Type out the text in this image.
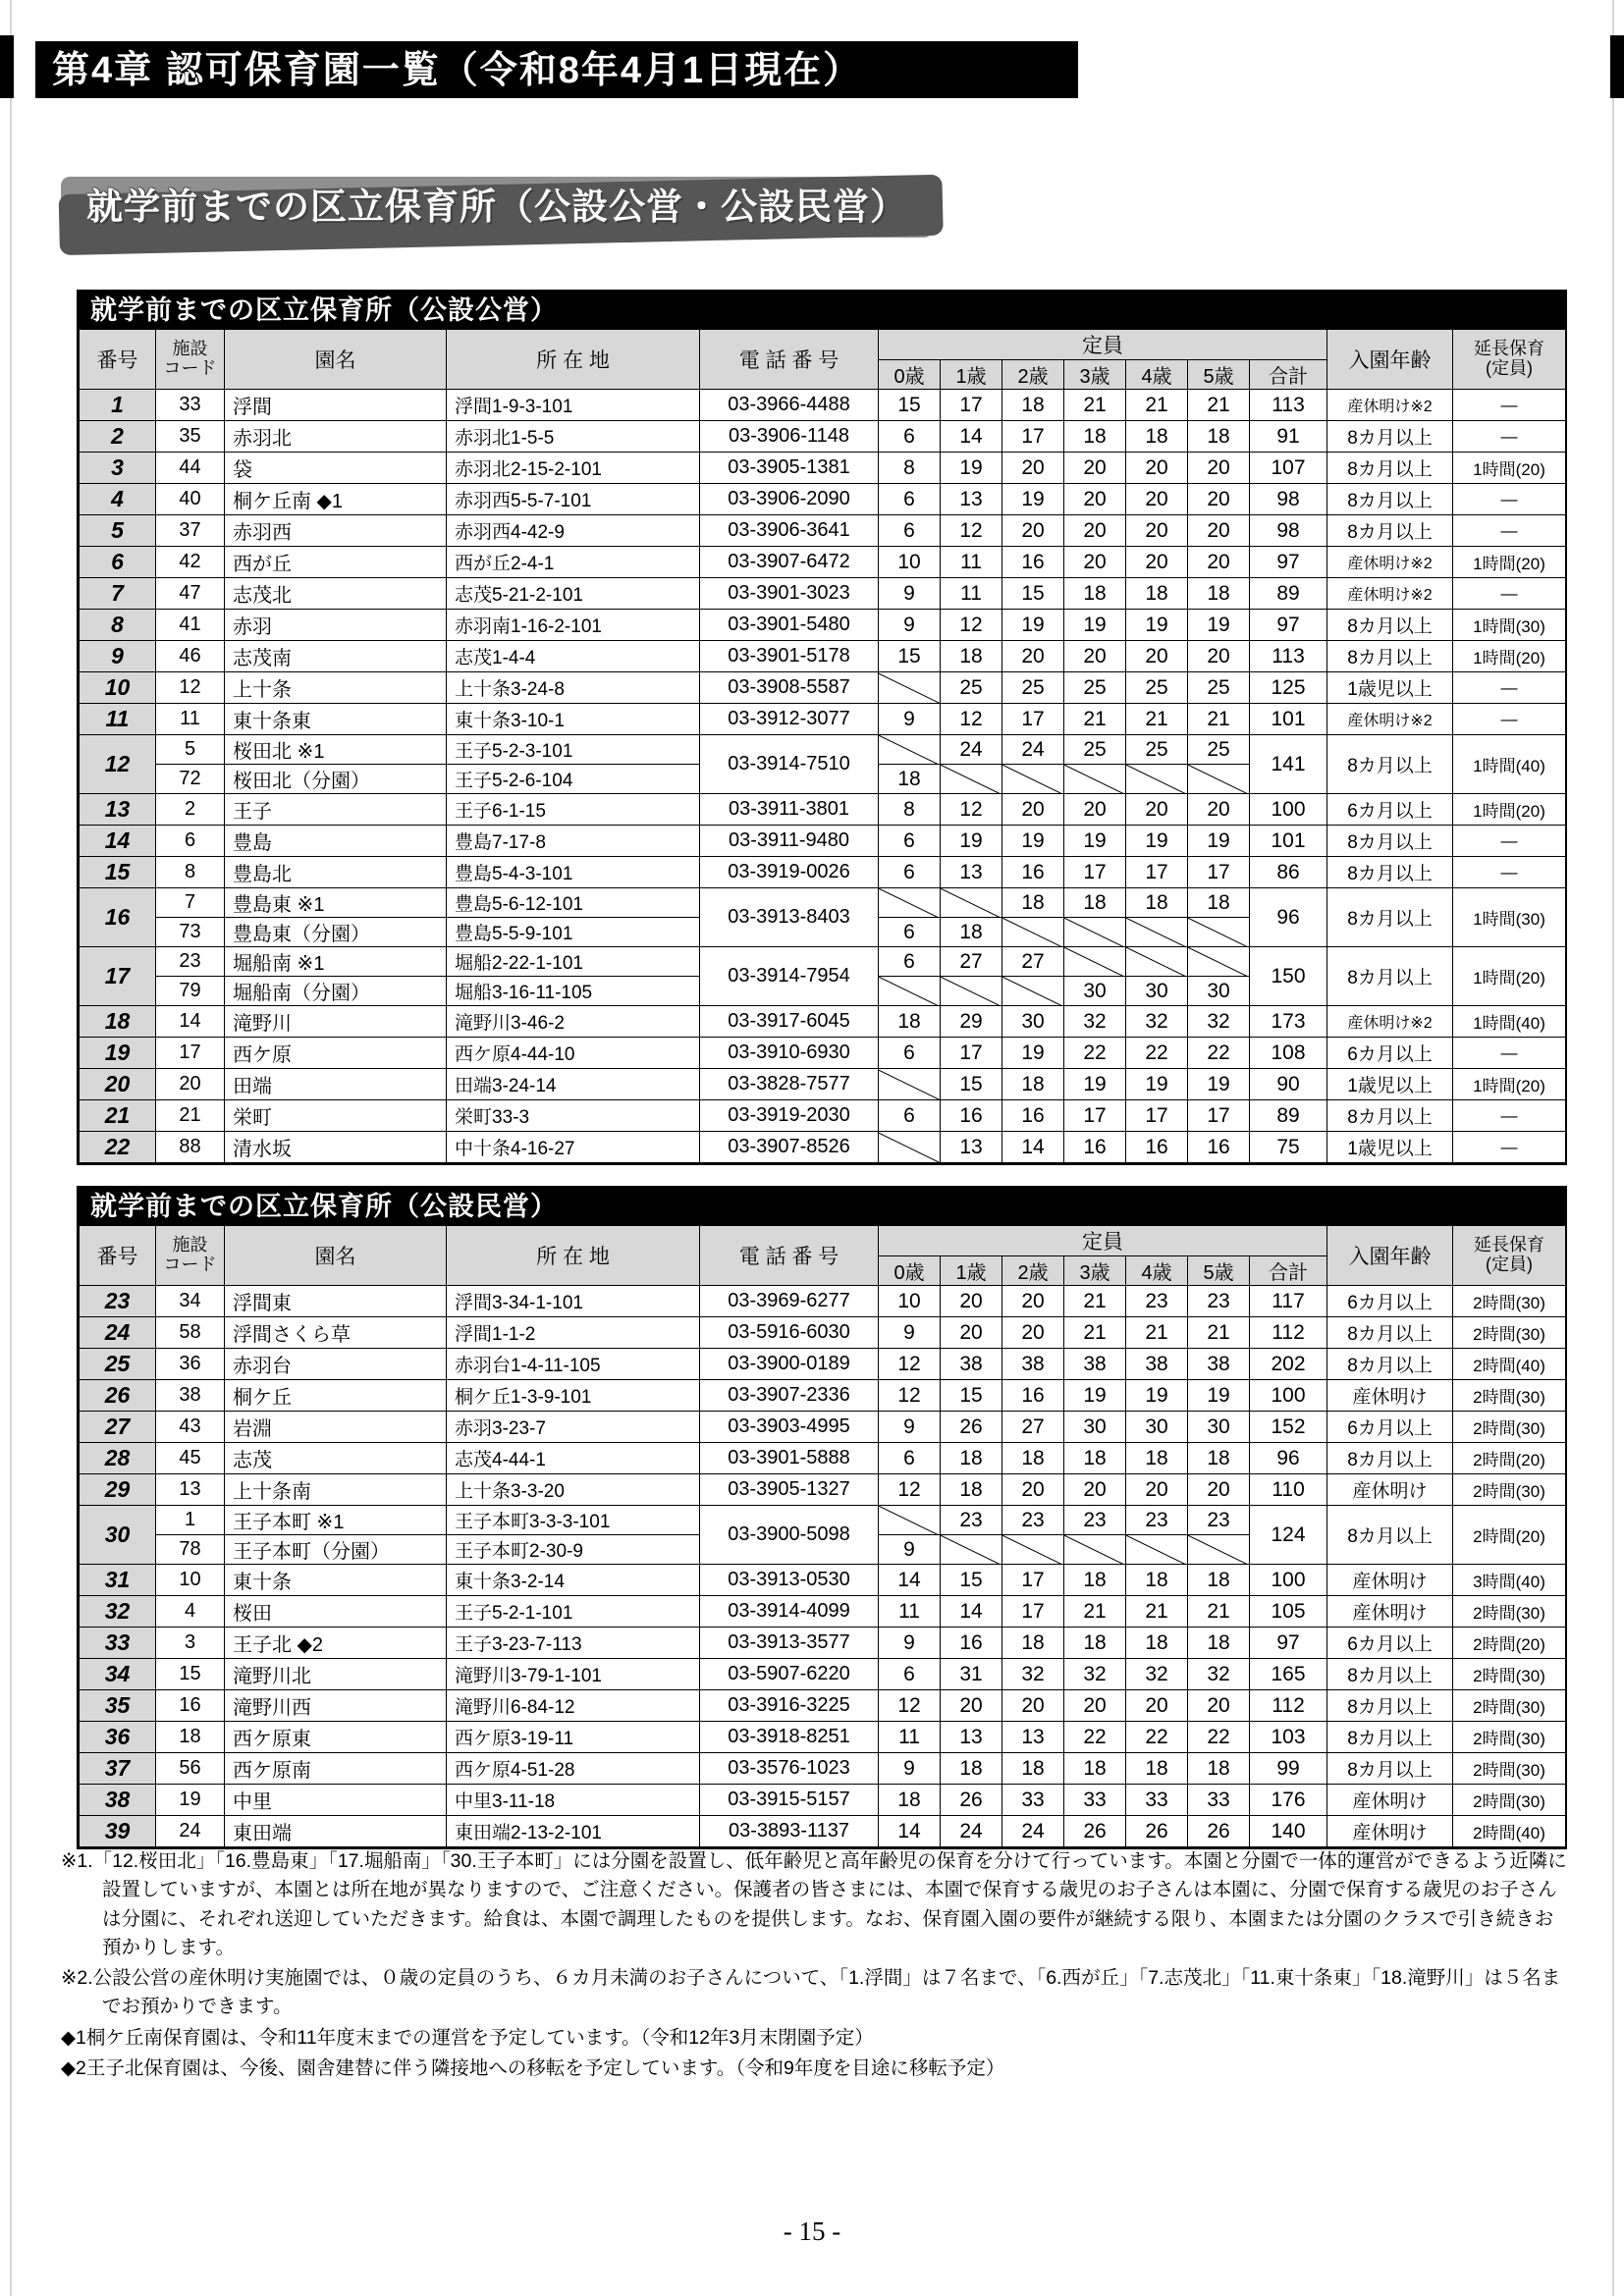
第4章 認可保育園一覧（令和8年4月1日現在）
就学前までの区立保育所（公設公営・公設民営）
就学前までの区立保育所（公設公営）
番号	施設
コード	園名	所 在 地	電 話 番 号	定員							入園年齢	延長保育
(定員)

					0歳	1歳	2歳	3歳	4歳	5歳	合計		
1	33	浮間	浮間1-9-3-101	03-3966-4488	15	17	18	21	21	21	113	産休明け※2	—
2	35	赤羽北	赤羽北1-5-5	03-3906-1148	6	14	17	18	18	18	91	8カ月以上	—
3	44	袋	赤羽北2-15-2-101	03-3905-1381	8	19	20	20	20	20	107	8カ月以上	1時間(20)
4	40	桐ケ丘南 ◆1	赤羽西5-5-7-101	03-3906-2090	6	13	19	20	20	20	98	8カ月以上	—
5	37	赤羽西	赤羽西4-42-9	03-3906-3641	6	12	20	20	20	20	98	8カ月以上	—
6	42	西が丘	西が丘2-4-1	03-3907-6472	10	11	16	20	20	20	97	産休明け※2	1時間(20)
7	47	志茂北	志茂5-21-2-101	03-3901-3023	9	11	15	18	18	18	89	産休明け※2	—
8	41	赤羽	赤羽南1-16-2-101	03-3901-5480	9	12	19	19	19	19	97	8カ月以上	1時間(30)
9	46	志茂南	志茂1-4-4	03-3901-5178	15	18	20	20	20	20	113	8カ月以上	1時間(20)
10	12	上十条	上十条3-24-8	03-3908-5587		25	25	25	25	25	125	1歳児以上	—
11	11	東十条東	東十条3-10-1	03-3912-3077	9	12	17	21	21	21	101	産休明け※2	—
12	5	桜田北 ※1	王子5-2-3-101	03-3914-7510		24	24	25	25	25	141	8カ月以上	1時間(40)
	72	桜田北（分園）	王子5-2-6-104		18								
13	2	王子	王子6-1-15	03-3911-3801	8	12	20	20	20	20	100	6カ月以上	1時間(20)
14	6	豊島	豊島7-17-8	03-3911-9480	6	19	19	19	19	19	101	8カ月以上	—
15	8	豊島北	豊島5-4-3-101	03-3919-0026	6	13	16	17	17	17	86	8カ月以上	—
16	7	豊島東 ※1	豊島5-6-12-101	03-3913-8403			18	18	18	18	96	8カ月以上	1時間(30)
	73	豊島東（分園）	豊島5-5-9-101		6	18							
17	23	堀船南 ※1	堀船2-22-1-101	03-3914-7954	6	27	27				150	8カ月以上	1時間(20)
	79	堀船南（分園）	堀船3-16-11-105					30	30	30			
18	14	滝野川	滝野川3-46-2	03-3917-6045	18	29	30	32	32	32	173	産休明け※2	1時間(40)
19	17	西ケ原	西ケ原4-44-10	03-3910-6930	6	17	19	22	22	22	108	6カ月以上	—
20	20	田端	田端3-24-14	03-3828-7577		15	18	19	19	19	90	1歳児以上	1時間(20)
21	21	栄町	栄町33-3	03-3919-2030	6	16	16	17	17	17	89	8カ月以上	—
22	88	清水坂	中十条4-16-27	03-3907-8526		13	14	16	16	16	75	1歳児以上	—
就学前までの区立保育所（公設民営）
番号	施設
コード	園名	所 在 地	電 話 番 号	定員							入園年齢	延長保育
(定員)

					0歳	1歳	2歳	3歳	4歳	5歳	合計		
23	34	浮間東	浮間3-34-1-101	03-3969-6277	10	20	20	21	23	23	117	6カ月以上	2時間(30)
24	58	浮間さくら草	浮間1-1-2	03-5916-6030	9	20	20	21	21	21	112	8カ月以上	2時間(30)
25	36	赤羽台	赤羽台1-4-11-105	03-3900-0189	12	38	38	38	38	38	202	8カ月以上	2時間(40)
26	38	桐ケ丘	桐ケ丘1-3-9-101	03-3907-2336	12	15	16	19	19	19	100	産休明け	2時間(30)
27	43	岩淵	赤羽3-23-7	03-3903-4995	9	26	27	30	30	30	152	6カ月以上	2時間(30)
28	45	志茂	志茂4-44-1	03-3901-5888	6	18	18	18	18	18	96	8カ月以上	2時間(20)
29	13	上十条南	上十条3-3-20	03-3905-1327	12	18	20	20	20	20	110	産休明け	2時間(30)
30	1	王子本町 ※1	王子本町3-3-3-101	03-3900-5098		23	23	23	23	23	124	8カ月以上	2時間(20)
	78	王子本町（分園）	王子本町2-30-9		9								
31	10	東十条	東十条3-2-14	03-3913-0530	14	15	17	18	18	18	100	産休明け	3時間(40)
32	4	桜田	王子5-2-1-101	03-3914-4099	11	14	17	21	21	21	105	産休明け	2時間(30)
33	3	王子北 ◆2	王子3-23-7-113	03-3913-3577	9	16	18	18	18	18	97	6カ月以上	2時間(20)
34	15	滝野川北	滝野川3-79-1-101	03-5907-6220	6	31	32	32	32	32	165	8カ月以上	2時間(30)
35	16	滝野川西	滝野川6-84-12	03-3916-3225	12	20	20	20	20	20	112	8カ月以上	2時間(30)
36	18	西ケ原東	西ケ原3-19-11	03-3918-8251	11	13	13	22	22	22	103	8カ月以上	2時間(30)
37	56	西ケ原南	西ケ原4-51-28	03-3576-1023	9	18	18	18	18	18	99	8カ月以上	2時間(30)
38	19	中里	中里3-11-18	03-3915-5157	18	26	33	33	33	33	176	産休明け	2時間(30)
39	24	東田端	東田端2-13-2-101	03-3893-1137	14	24	24	26	26	26	140	産休明け	2時間(40)

※1.「12.桜田北」「16.豊島東」「17.堀船南」「30.王子本町」には分園を設置し、低年齢児と高年齢児の保育を分けて行っています。本園と分園で一体的運営ができるよう近隣に設置していますが、本園とは所在地が異なりますので、ご注意ください。保護者の皆さまには、本園で保育する歳児のお子さんは本園に、分園で保育する歳児のお子さんは分園に、それぞれ送迎していただきます。給食は、本園で調理したものを提供します。なお、保育園入園の要件が継続する限り、本園または分園のクラスで引き続きお預かりします。

※2.公設公営の産休明け実施園では、０歳の定員のうち、６カ月未満のお子さんについて、「1.浮間」は７名まで、「6.西が丘」「7.志茂北」「11.東十条東」「18.滝野川」は５名までお預かりできます。

◆1桐ケ丘南保育園は、令和11年度末までの運営を予定しています。（令和12年3月末閉園予定）

◆2王子北保育園は、今後、園舎建替に伴う隣接地への移転を予定しています。（令和9年度を目途に移転予定）

- 15 -
